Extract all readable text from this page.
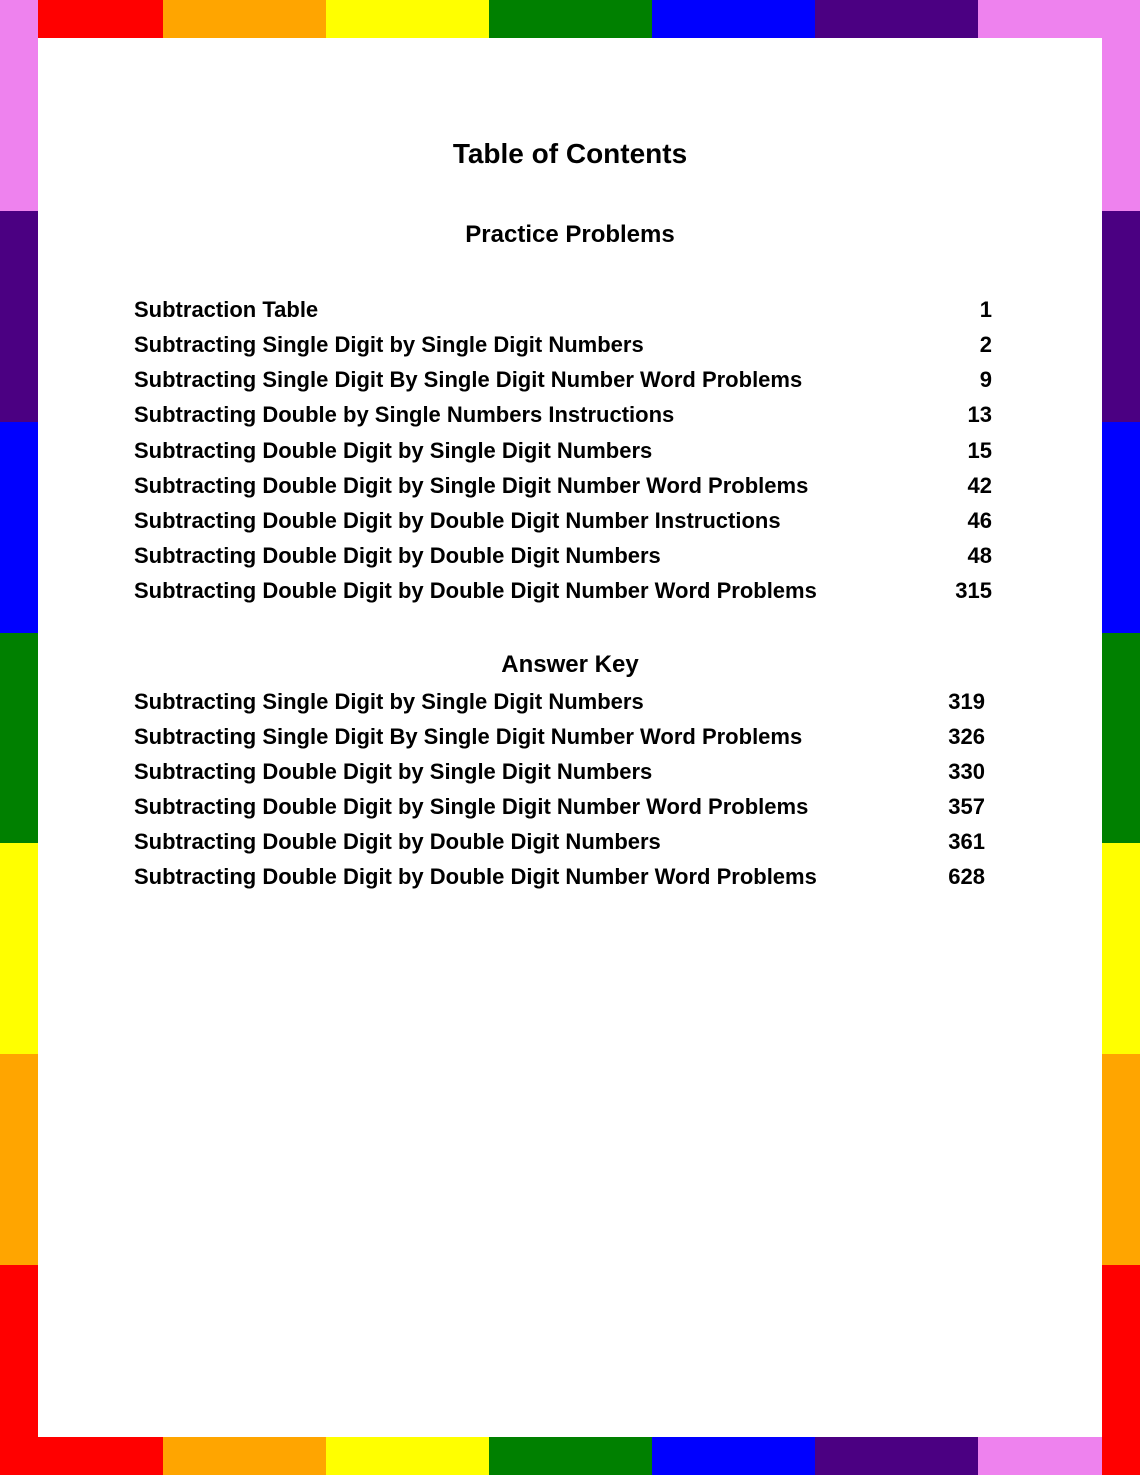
Table of Contents
Practice Problems
Subtraction Table	1
Subtracting Single Digit by Single Digit Numbers	2
Subtracting Single Digit By Single Digit Number Word Problems	9
Subtracting Double by Single Numbers Instructions	13
Subtracting Double Digit by Single Digit Numbers	15
Subtracting Double Digit by Single Digit Number Word Problems	42
Subtracting Double Digit by Double Digit Number Instructions	46
Subtracting Double Digit by Double Digit Numbers	48
Subtracting Double Digit by Double Digit Number Word Problems	315
Answer Key
Subtracting Single Digit by Single Digit Numbers	319
Subtracting Single Digit By Single Digit Number Word Problems	326
Subtracting Double Digit by Single Digit Numbers	330
Subtracting Double Digit by Single Digit Number Word Problems	357
Subtracting Double Digit by Double Digit Numbers	361
Subtracting Double Digit by Double Digit Number Word Problems	628
